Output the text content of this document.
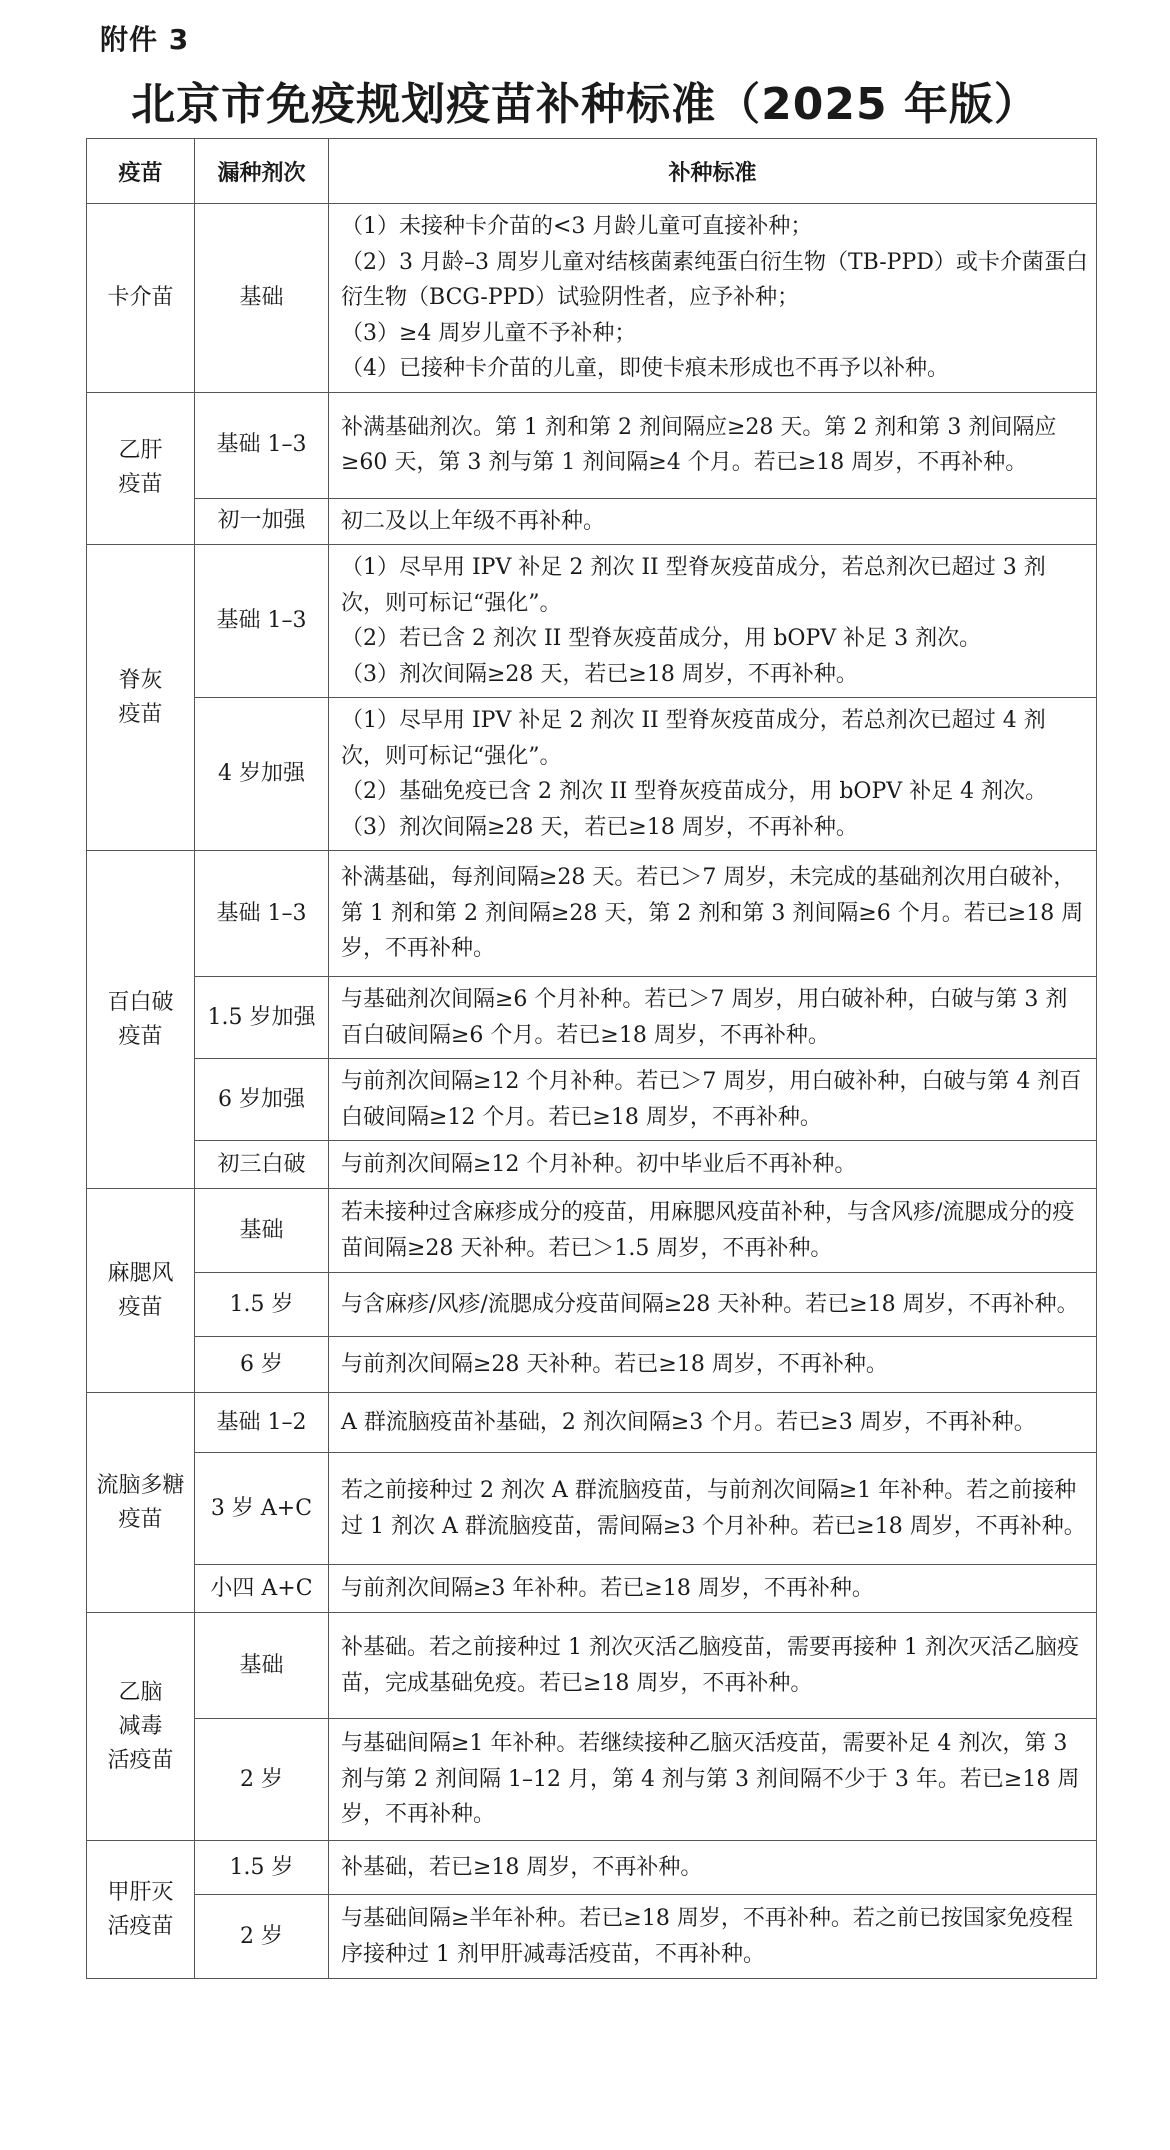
附件 3
北京市免疫规划疫苗补种标准（2025 年版）
疫苗	漏种剂次	补种标准
卡介苗	基础	（1）未接种卡介苗的<3 月龄儿童可直接补种；
（2）3 月龄–3 周岁儿童对结核菌素纯蛋白衍生物（TB-PPD）或卡介菌蛋白衍生物（BCG-PPD）试验阴性者，应予补种；
（3）≥4 周岁儿童不予补种；
（4）已接种卡介苗的儿童，即使卡痕未形成也不再予以补种。

乙肝
疫苗	基础 1–3	补满基础剂次。第 1 剂和第 2 剂间隔应≥28 天。第 2 剂和第 3 剂间隔应≥60 天，第 3 剂与第 1 剂间隔≥4 个月。若已≥18 周岁，不再补种。

	初一加强	初二及以上年级不再补种。

脊灰
疫苗	基础 1–3	（1）尽早用 IPV 补足 2 剂次 II 型脊灰疫苗成分，若总剂次已超过 3 剂次，则可标记“强化”。
（2）若已含 2 剂次 II 型脊灰疫苗成分，用 bOPV 补足 3 剂次。
（3）剂次间隔≥28 天，若已≥18 周岁，不再补种。

	4 岁加强	（1）尽早用 IPV 补足 2 剂次 II 型脊灰疫苗成分，若总剂次已超过 4 剂次，则可标记“强化”。
（2）基础免疫已含 2 剂次 II 型脊灰疫苗成分，用 bOPV 补足 4 剂次。
（3）剂次间隔≥28 天，若已≥18 周岁，不再补种。

百白破
疫苗	基础 1–3	补满基础，每剂间隔≥28 天。若已＞7 周岁，未完成的基础剂次用白破补，第 1 剂和第 2 剂间隔≥28 天，第 2 剂和第 3 剂间隔≥6 个月。若已≥18 周岁，不再补种。

	1.5 岁加强	与基础剂次间隔≥6 个月补种。若已＞7 周岁，用白破补种，白破与第 3 剂百白破间隔≥6 个月。若已≥18 周岁，不再补种。

	6 岁加强	与前剂次间隔≥12 个月补种。若已＞7 周岁，用白破补种，白破与第 4 剂百白破间隔≥12 个月。若已≥18 周岁，不再补种。

	初三白破	与前剂次间隔≥12 个月补种。初中毕业后不再补种。

麻腮风
疫苗	基础	若未接种过含麻疹成分的疫苗，用麻腮风疫苗补种，与含风疹/流腮成分的疫苗间隔≥28 天补种。若已＞1.5 周岁，不再补种。

	1.5 岁	与含麻疹/风疹/流腮成分疫苗间隔≥28 天补种。若已≥18 周岁，不再补种。

	6 岁	与前剂次间隔≥28 天补种。若已≥18 周岁，不再补种。

流脑多糖
疫苗	基础 1–2	A 群流脑疫苗补基础，2 剂次间隔≥3 个月。若已≥3 周岁，不再补种。

	3 岁 A+C	若之前接种过 2 剂次 A 群流脑疫苗，与前剂次间隔≥1 年补种。若之前接种过 1 剂次 A 群流脑疫苗，需间隔≥3 个月补种。若已≥18 周岁，不再补种。

	小四 A+C	与前剂次间隔≥3 年补种。若已≥18 周岁，不再补种。

乙脑
减毒
活疫苗	基础	补基础。若之前接种过 1 剂次灭活乙脑疫苗，需要再接种 1 剂次灭活乙脑疫苗，完成基础免疫。若已≥18 周岁，不再补种。

	2 岁	与基础间隔≥1 年补种。若继续接种乙脑灭活疫苗，需要补足 4 剂次，第 3 剂与第 2 剂间隔 1–12 月，第 4 剂与第 3 剂间隔不少于 3 年。若已≥18 周岁，不再补种。

甲肝灭
活疫苗	1.5 岁	补基础，若已≥18 周岁，不再补种。

	2 岁	与基础间隔≥半年补种。若已≥18 周岁，不再补种。若之前已按国家免疫程序接种过 1 剂甲肝减毒活疫苗，不再补种。
